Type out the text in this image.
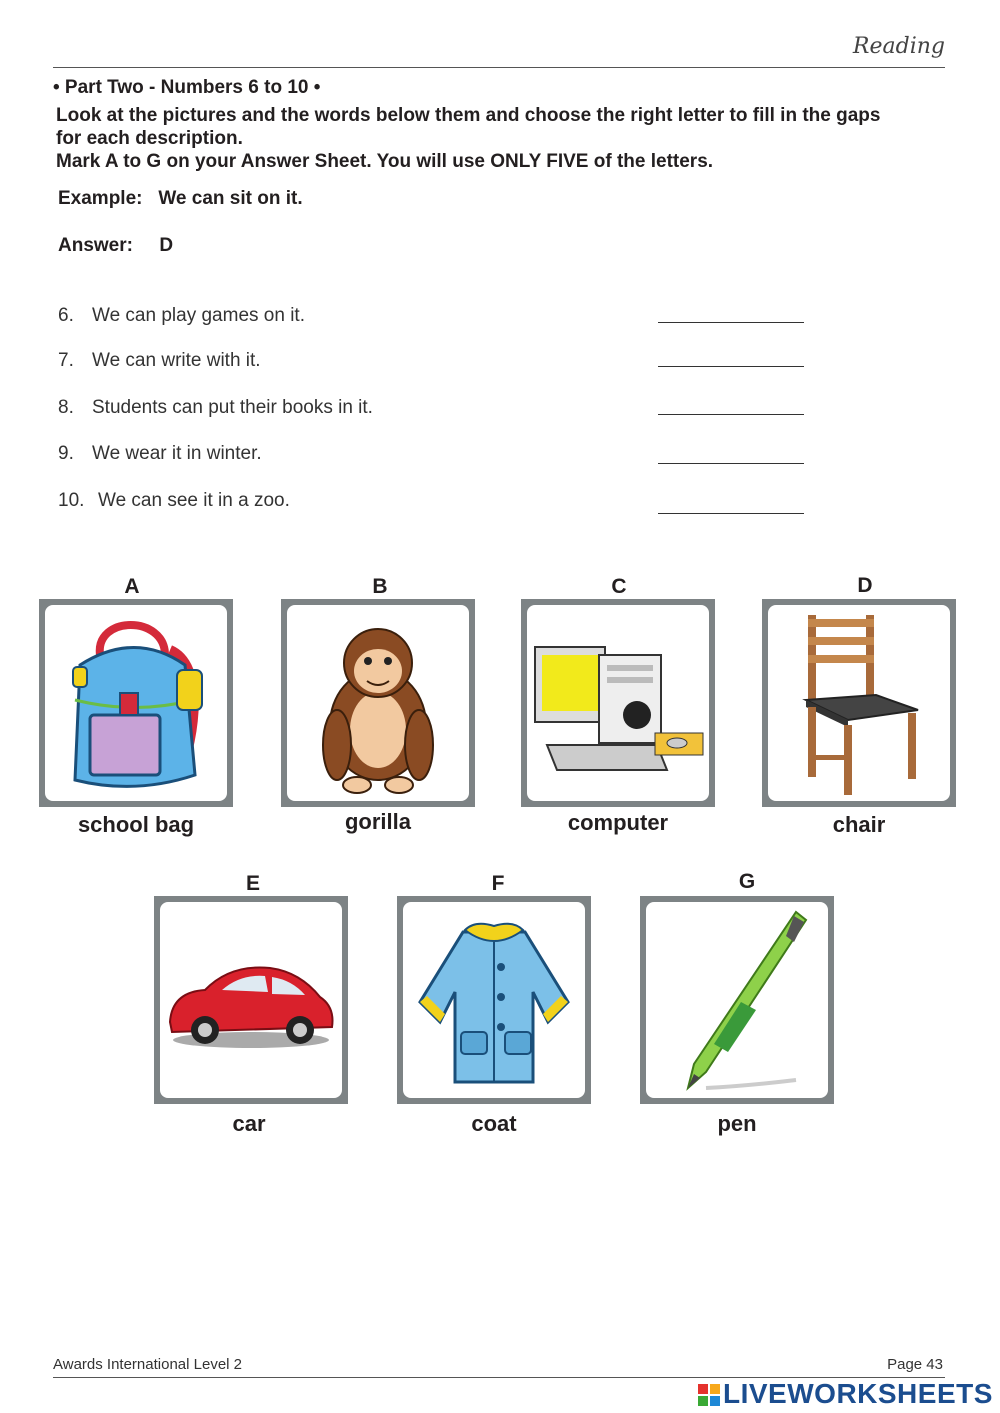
Reading
• Part Two - Numbers 6 to 10 •
Look at the pictures and the words below them and choose the right letter to fill in the gaps
for each description.
Mark A to G on your Answer Sheet. You will use ONLY FIVE of the letters.
Example: We can sit on it.
Answer: D
6. We can play games on it.
7. We can write with it.
8. Students can put their books in it.
9. We wear it in winter.
10. We can see it in a zoo.
A
school bag
B
gorilla
C
computer
D
chair
E
car
F
coat
G
pen
Awards International Level 2	Page 43
LIVEWORKSHEETS
